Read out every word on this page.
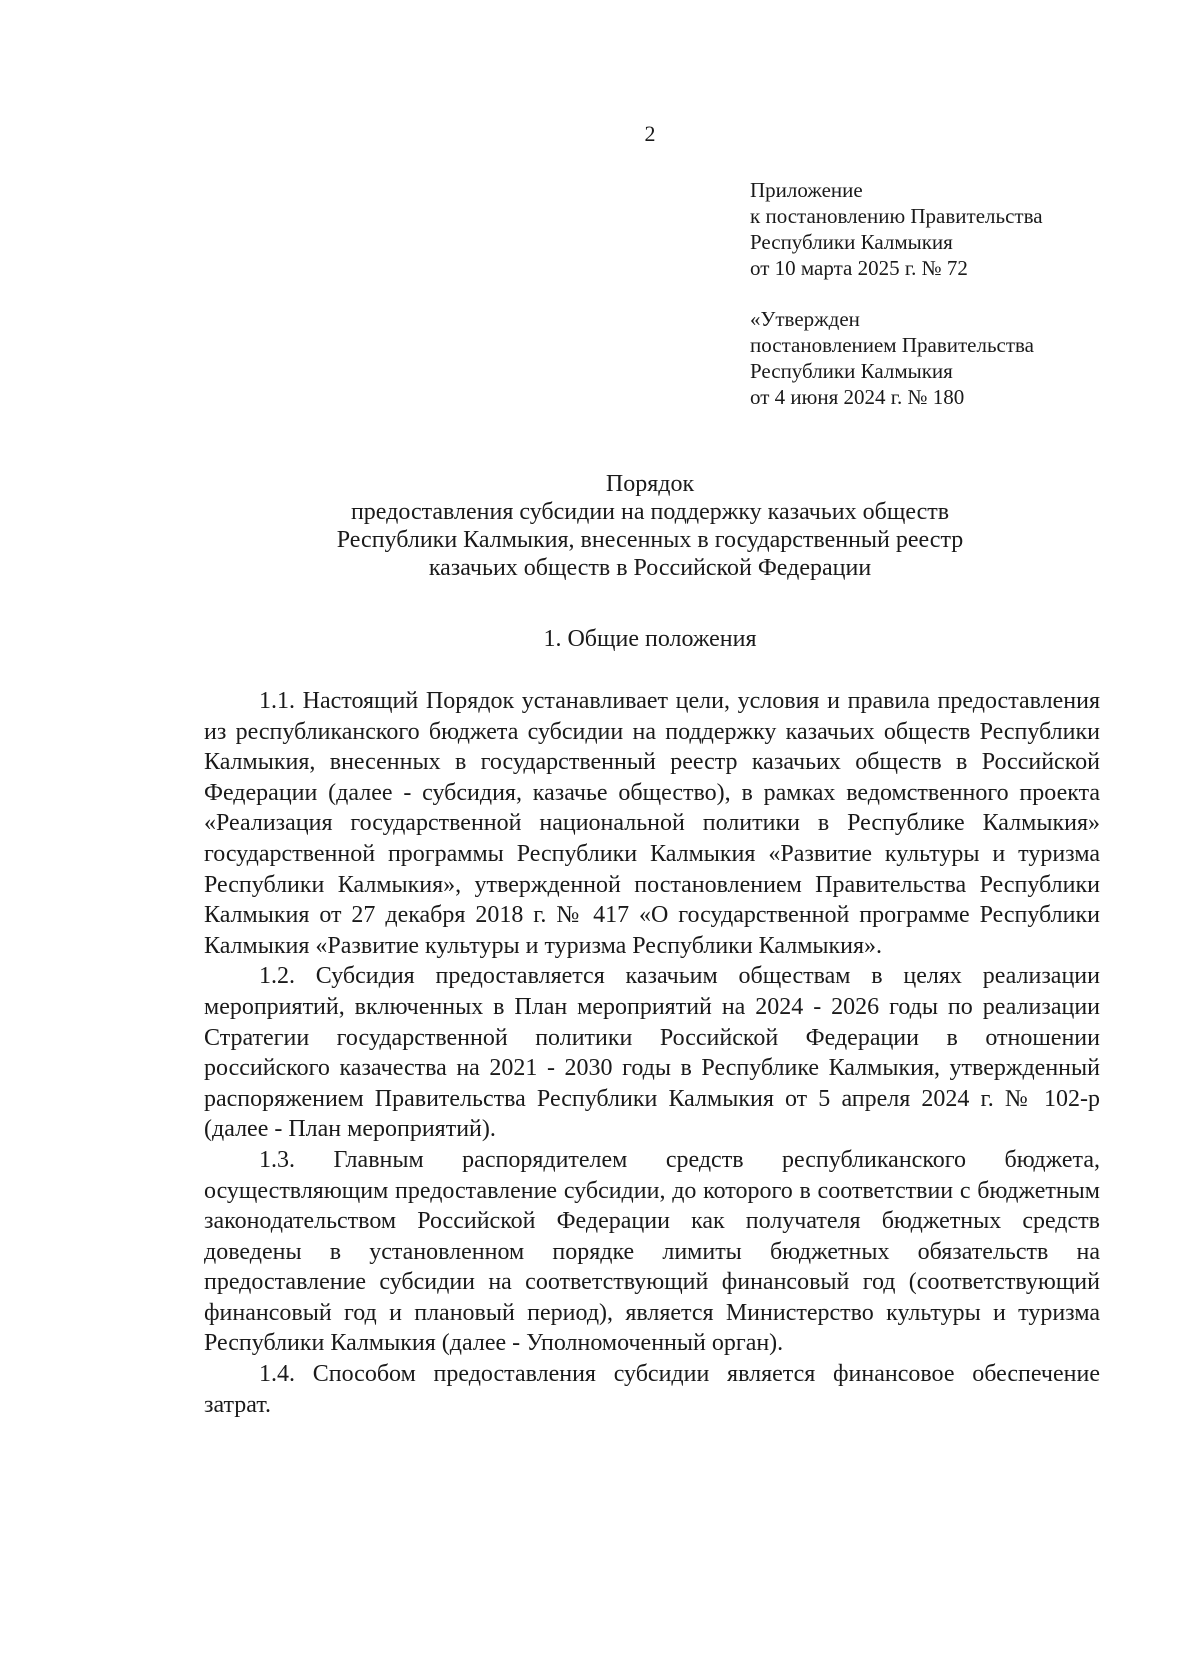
2
Приложение
к постановлению Правительства
Республики Калмыкия
от 10 марта 2025 г. № 72
«Утвержден
постановлением Правительства
Республики Калмыкия
от 4 июня 2024 г. № 180
Порядок
предоставления субсидии на поддержку казачьих обществ
Республики Калмыкия, внесенных в государственный реестр
казачьих обществ в Российской Федерации
1. Общие положения

1.1. Настоящий Порядок устанавливает цели, условия и правила предоставления из республиканского бюджета субсидии на поддержку казачьих обществ Республики Калмыкия, внесенных в государственный реестр казачьих обществ в Российской Федерации (далее - субсидия, казачье общество), в рамках ведомственного проекта «Реализация государственной национальной политики в Республике Калмыкия» государственной программы Республики Калмыкия «Развитие культуры и туризма Республики Калмыкия», утвержденной постановлением Правительства Республики Калмыкия от 27 декабря 2018 г. № 417 «О государственной программе Республики Калмыкия «Развитие культуры и туризма Республики Калмыкия».

1.2. Субсидия предоставляется казачьим обществам в целях реализации мероприятий, включенных в План мероприятий на 2024 - 2026 годы по реализации Стратегии государственной политики Российской Федерации в отношении российского казачества на 2021 - 2030 годы в Республике Калмыкия, утвержденный распоряжением Правительства Республики Калмыкия от 5 апреля 2024 г. № 102-р (далее - План мероприятий).

1.3. Главным распорядителем средств республиканского бюджета, осуществляющим предоставление субсидии, до которого в соответствии с бюджетным законодательством Российской Федерации как получателя бюджетных средств доведены в установленном порядке лимиты бюджетных обязательств на предоставление субсидии на соответствующий финансовый год (соответствующий финансовый год и плановый период), является Министерство культуры и туризма Республики Калмыкия (далее - Уполномоченный орган).

1.4. Способом предоставления субсидии является финансовое обеспечение затрат.
